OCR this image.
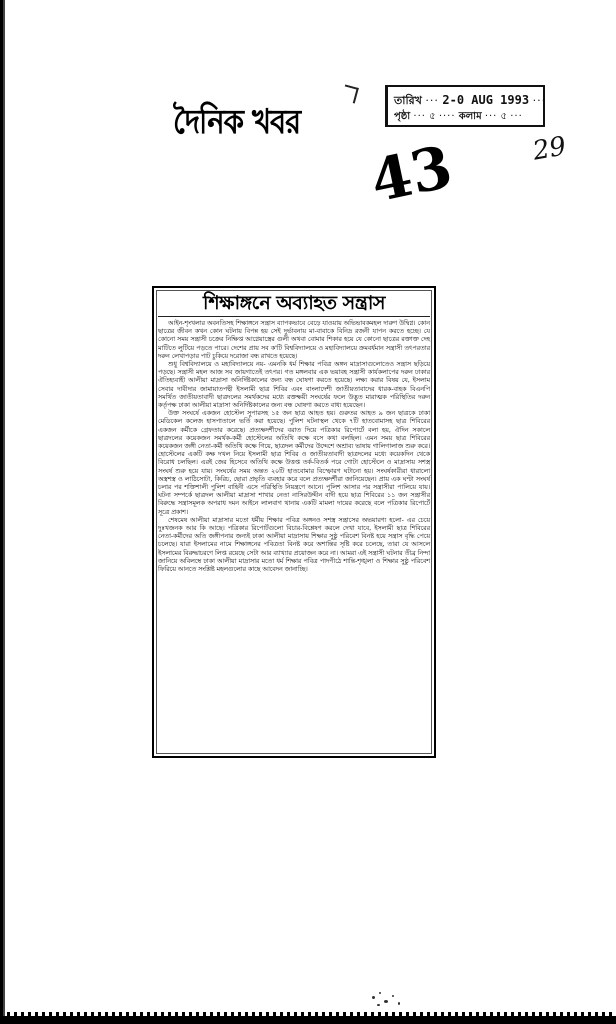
দৈনিক খবর
তারিখ ··· 2-0 AUG 1993 ···
পৃষ্ঠা ··· ৫ ···· কলাম ··· ৫ ···
43	29
শিক্ষাঙ্গনে অব্যাহত সন্ত্রাস

আইন-শৃংখলার অবনতিসহ শিক্ষাঙ্গনে সন্ত্রাস ব্যাপকভাবে বেড়ে যাওয়ায় অভিভাবকমহল দারুণ উদ্বিগ্ন। কোন ছাত্রের জীবন কখন কোন ঘটনায় বিপন্ন হয় সেই দুর্ভাবনায় মা-বাবাকে বিনিদ্র রজনী যাপন করতে হচ্ছে। যে কোনো সময় সন্ত্রাসী চক্রের নিক্ষিপ্ত আগ্নেয়াস্ত্রের গুলী অথবা বোমার শিকার হয়ে যে কোনো ছাত্রের রক্তাক্ত দেহ মাটিতে লুটিয়ে পড়তে পারে। দেশের প্রায় সব ক'টি বিশ্ববিদ্যালয়ে ও মহাবিদ্যালয়ে ক্রমবর্ধমান সন্ত্রাসী তৎপরতার দরুন লেখাপড়ার পাট চুকিয়ে দরোজা বন্ধ রাখতে হয়েছে।

শুধু বিশ্ববিদ্যালয়ে ও মহাবিদ্যালয়ে নয়- এমনকি ধর্ম শিক্ষার পবিত্র অঙ্গন মাদ্রাসাগুলোতেও সন্ত্রাস ছড়িয়ে পড়ছে। সন্ত্রাসী মহল আজ সব জায়গাতেই তৎপর। গত মঙ্গলবার এক ভয়াবহ সন্ত্রাসী কার্যকলাপের দরুন ঢাকার ঐতিহ্যবাহী আলীয়া মাদ্রাসা অনির্দিষ্টকালের জন্য বন্ধ ঘোষণা করতে হয়েছে। লক্ষ্য করার বিষয় যে, ইসলাম সেবার দাবীদার জামায়াতপন্থী ইসলামী ছাত্র শিবির এবং বাংলাদেশী জাতীয়তাবাদের ধারক-বাহক বিএনপি সমর্থিত জাতীয়তাবাদী ছাত্রদলের সমর্থকদের মধ্যে রক্তক্ষয়ী সংঘর্ষের ফলে উদ্ভূত মারাত্মক পরিস্থিতির দরুন কর্তৃপক্ষ ঢাকা আলীয়া মাদ্রাসা অনির্দিষ্টকালের জন্য বন্ধ ঘোষণা করতে বাধ্য হয়েছেন।

উক্ত সংঘর্ষে একজন হোস্টেল সুপারসহ ১৫ জন ছাত্র আহত হয়। গুরুতর আহত ৯ জন ছাত্রকে ঢাকা মেডিকেল কলেজ হাসপাতালে ভর্তি করা হয়েছে। পুলিশ ঘটনাস্থল থেকে ৭টি হাতবোমাসহ ছাত্র শিবিরের একজন কর্মীকে গ্রেফতার করেছে। প্রত্যক্ষদর্শীদের বরাত দিয়ে পত্রিকার রিপোর্টে বলা হয়, ঐদিন সকালে ছাত্রদলের কয়েকজন সমর্থক-কর্মী হোস্টেলের অতিথি কক্ষে বসে কথা বলছিল। এমন সময় ছাত্র শিবিরের কয়েকজন জঙ্গী নেতা-কর্মী অতিথি কক্ষে গিয়ে, ছাত্রদল কর্মীদের উদ্দেশে অশ্রাব্য ভাষায় গালিগালাজ শুরু করে। হোস্টেলের একটি কক্ষ দখল নিয়ে ইসলামী ছাত্র শিবির ও জাতীয়তাবাদী ছাত্রদলের মধ্যে কয়েকদিন থেকে বিরোধ চলছিল। এরই জের হিসেবে অতিথি কক্ষে উত্তপ্ত তর্ক-বিতর্ক পরে গোটা হোস্টেলে ও মাদ্রাসায় সশস্ত্র সংঘর্ষ শুরু হয়ে যায়। সংঘর্ষের সময় অন্তত ২০টি হাতবোমার বিস্ফোরণ ঘটানো হয়। সংঘর্ষকারীরা ধারালো অস্ত্রশস্ত্র ও লাঠিসোটা, কিরিচ, ছোরা প্রভৃতি ব্যবহার করে বলে প্রত্যক্ষদর্শীরা জানিয়েছেন। প্রায় এক ঘণ্টা সংঘর্ষ চলার পর শক্তিশালী পুলিশ বাহিনী এসে পরিস্থিতি নিয়ন্ত্রণে আনে। পুলিশ আসার পর সন্ত্রাসীরা পালিয়ে যায়। ঘটনা সম্পর্কে ছাত্রদল আলীয়া মাদ্রাসা শাখার নেতা নাসিরউদ্দীন বাদী হয়ে ছাত্র শিবিরের ১১ জন সন্ত্রাসীর বিরুদ্ধে সন্ত্রাসমূলক অপরাধ দমন আইনে লালবাগ থানায় একটি মামলা দায়ের করেছে বলে পত্রিকার রিপোর্টে সূত্রে প্রকাশ।

শেষমেষ আলীয়া মাদ্রাসার মতো ধর্মীয় শিক্ষার পবিত্র অঙ্গনও সশস্ত্র সন্ত্রাসের অভয়ারণ্য হলো- এর চেয়ে দুঃখজনক আর কি আছে। পত্রিকার রিপোর্টগুলো বিচার-বিশ্লেষণ করলে দেখা যাবে, ইসলামী ছাত্র শিবিরের নেতা-কর্মীদের অতি জঙ্গীপনার জন্যই ঢাকা আলীয়া মাদ্রাসায় শিক্ষার সুষ্ঠু পরিবেশ বিনষ্ট হয়ে সন্ত্রাস বৃদ্ধি পেয়ে চলেছে। যারা ইসলামের নামে শিক্ষাঙ্গনের পবিত্রতা বিনষ্ট করে অশান্তির সৃষ্টি করে চলেছে, তারা যে আসলে ইসলামের বিরুদ্ধাচরণে লিপ্ত রয়েছে সেটা আর ব্যাখ্যার প্রয়োজন করে না। আমরা এই সন্ত্রাসী ঘটনার তীব্র নিন্দা জানিয়ে অবিলম্বে ঢাকা আলীয়া মাদ্রাসার মতো ধর্ম শিক্ষার পবিত্র পাদপীঠে শান্তি-শৃঙ্খলা ও শিক্ষার সুষ্ঠু পরিবেশ ফিরিয়ে আনতে সংশ্লিষ্ট মহলগুলোর কাছে আবেদন জানাচ্ছি।
